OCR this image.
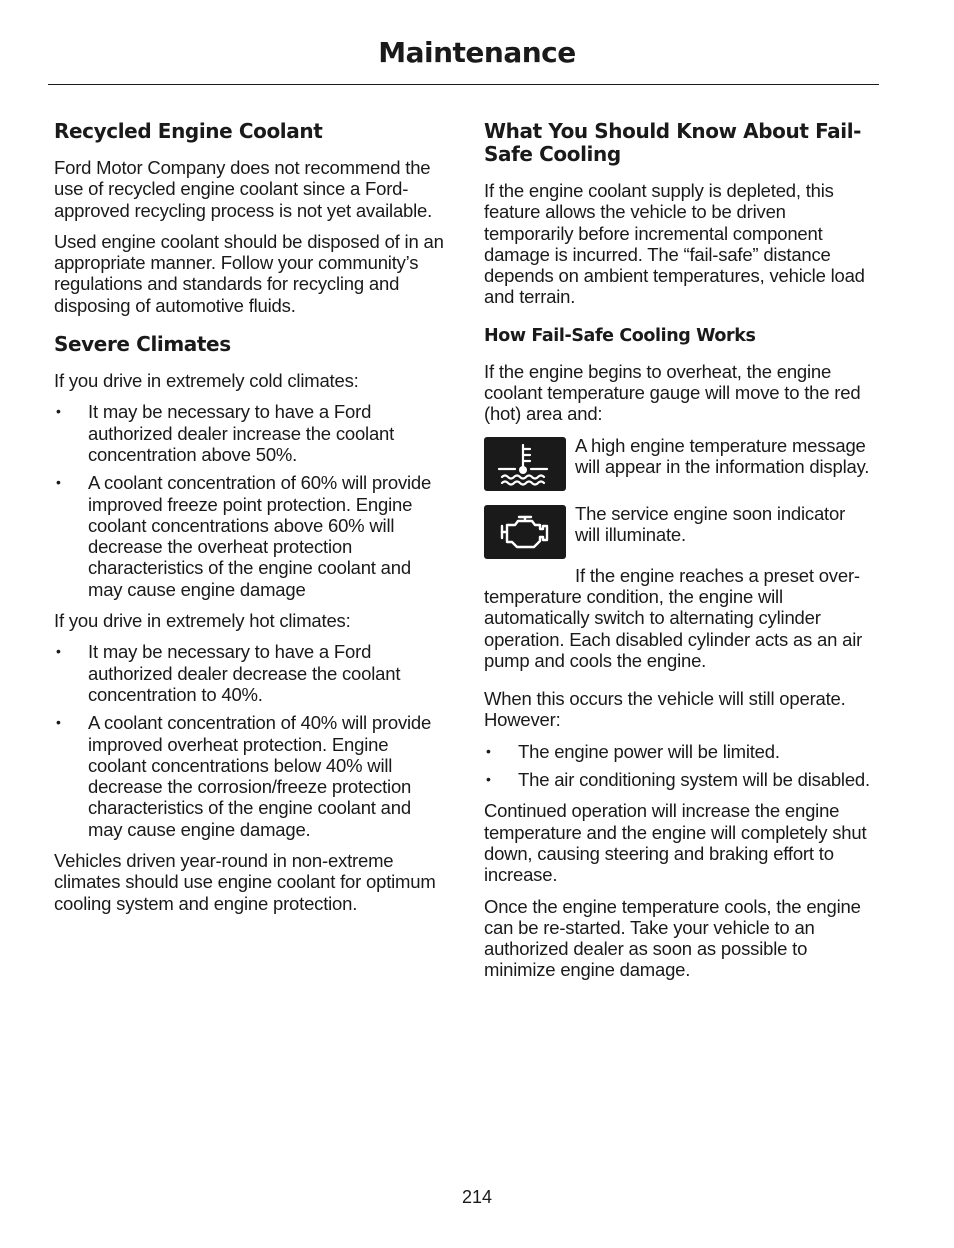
Maintenance
Recycled Engine Coolant

Ford Motor Company does not recommend the use of recycled engine coolant since a Ford-approved recycling process is not yet available.

Used engine coolant should be disposed of in an appropriate manner. Follow your community’s regulations and standards for recycling and disposing of automotive fluids.

Severe Climates

If you drive in extremely cold climates:

• It may be necessary to have a Ford authorized dealer increase the coolant concentration above 50%.
• A coolant concentration of 60% will provide improved freeze point protection. Engine coolant concentrations above 60% will decrease the overheat protection characteristics of the engine coolant and may cause engine damage

If you drive in extremely hot climates:

• It may be necessary to have a Ford authorized dealer decrease the coolant concentration to 40%.
• A coolant concentration of 40% will provide improved overheat protection. Engine coolant concentrations below 40% will decrease the corrosion/freeze protection characteristics of the engine coolant and may cause engine damage.

Vehicles driven year-round in non-extreme climates should use engine coolant for optimum cooling system and engine protection.

What You Should Know About Fail-Safe Cooling

If the engine coolant supply is depleted, this feature allows the vehicle to be driven temporarily before incremental component damage is incurred. The “fail-safe” distance depends on ambient temperatures, vehicle load and terrain.

How Fail-Safe Cooling Works

If the engine begins to overheat, the engine coolant temperature gauge will move to the red (hot) area and:

A high engine temperature message will appear in the information display.
The service engine soon indicator will illuminate.

If the engine reaches a preset over-temperature condition, the engine will automatically switch to alternating cylinder operation. Each disabled cylinder acts as an air pump and cools the engine.

When this occurs the vehicle will still operate. However:

• The engine power will be limited.
• The air conditioning system will be disabled.

Continued operation will increase the engine temperature and the engine will completely shut down, causing steering and braking effort to increase.

Once the engine temperature cools, the engine can be re-started. Take your vehicle to an authorized dealer as soon as possible to minimize engine damage.

214
